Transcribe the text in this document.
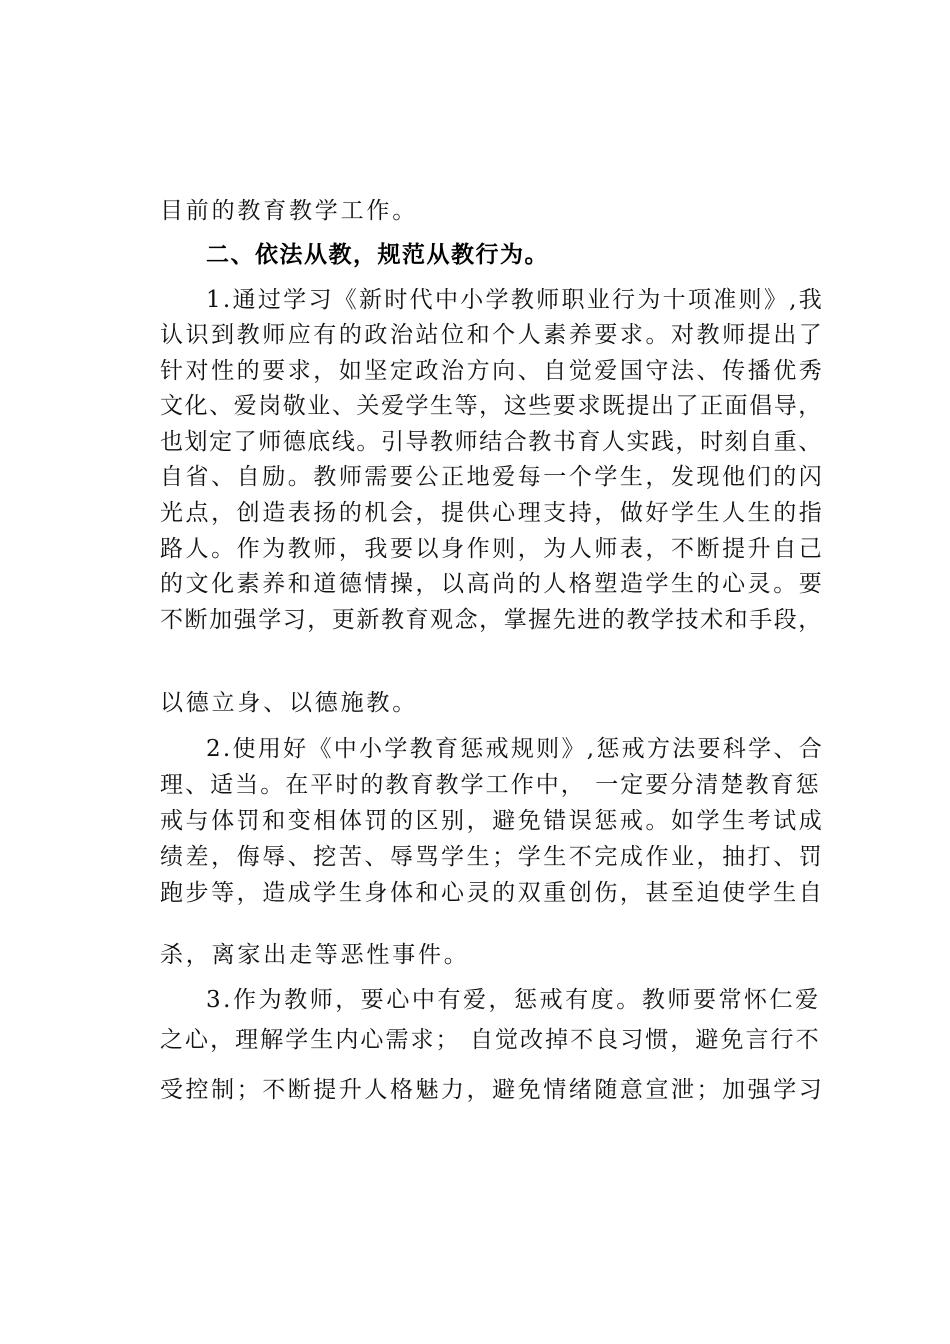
目前的教育教学工作。
二、依法从教，规范从教行为。
1.通过学习《新时代中小学教师职业行为十项准则》,我
认识到教师应有的政治站位和个人素养要求。对教师提出了
针对性的要求，如坚定政治方向、自觉爱国守法、传播优秀
文化、爱岗敬业、关爱学生等，这些要求既提出了正面倡导，
也划定了师德底线。引导教师结合教书育人实践，时刻自重、
自省、自励。教师需要公正地爱每一个学生，发现他们的闪
光点，创造表扬的机会，提供心理支持，做好学生人生的指
路人。作为教师，我要以身作则，为人师表，不断提升自己
的文化素养和道德情操，以高尚的人格塑造学生的心灵。要
不断加强学习，更新教育观念，掌握先进的教学技术和手段，
以德立身、以德施教。
2.使用好《中小学教育惩戒规则》,惩戒方法要科学、合
理、适当。在平时的教育教学工作中， 一定要分清楚教育惩
戒与体罚和变相体罚的区别，避免错误惩戒。如学生考试成
绩差，侮辱、挖苦、辱骂学生；学生不完成作业，抽打、罚
跑步等，造成学生身体和心灵的双重创伤，甚至迫使学生自
杀，离家出走等恶性事件。
3.作为教师，要心中有爱，惩戒有度。教师要常怀仁爱
之心，理解学生内心需求； 自觉改掉不良习惯，避免言行不
受控制；不断提升人格魅力，避免情绪随意宣泄；加强学习
